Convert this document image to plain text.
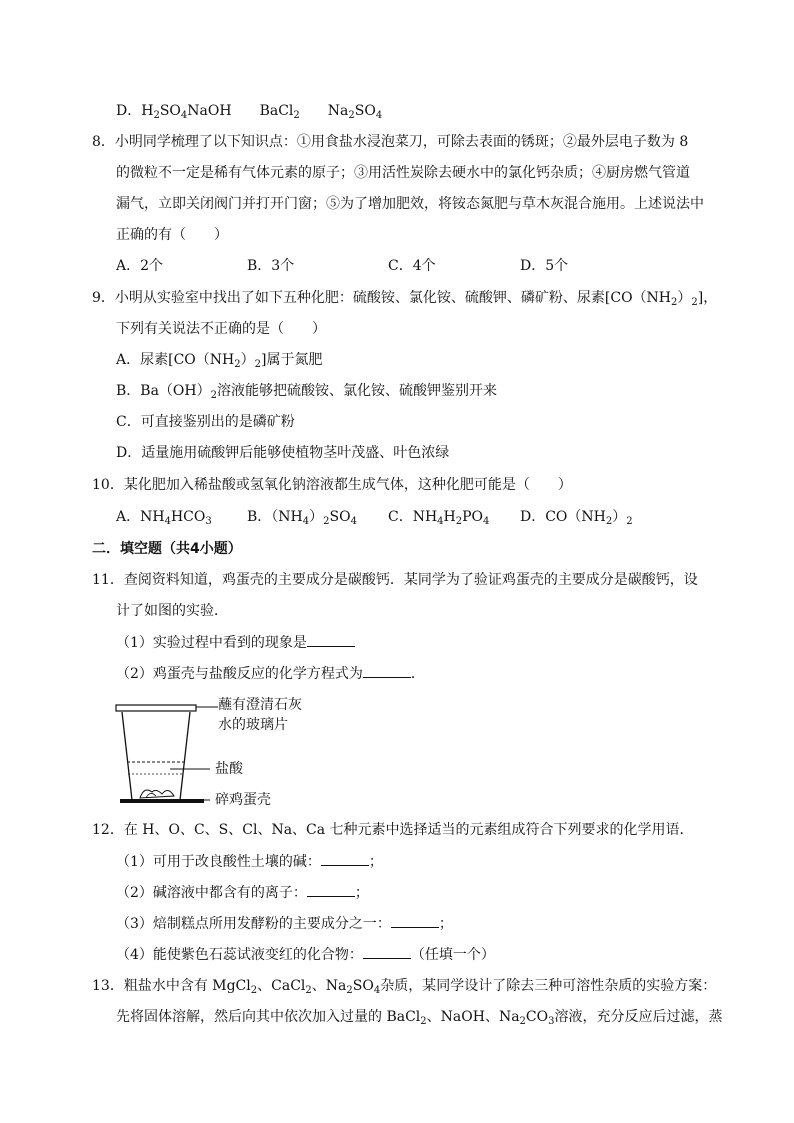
D．$H_2SO_4NaOH$ BaCl$_2$ $Na_2SO_4$
8．小明同学梳理了以下知识点：①用食盐水浸泡菜刀，可除去表面的锈斑；②最外层电子数为 8
的微粒不一定是稀有气体元素的原子；③用活性炭除去硬水中的氯化钙杂质；④厨房燃气管道
漏气，立即关闭阀门并打开门窗；⑤为了增加肥效，将铵态氮肥与草木灰混合施用。上述说法中
正确的有（　　）
A．2个	B．3个	C．4个	D．5个
9．小明从实验室中找出了如下五种化肥：硫酸铵、氯化铵、硫酸钾、磷矿粉、尿素$[CO(NH_2)_2]$，
下列有关说法不正确的是（　　）
A．尿素$[CO(NH_2)_2]$属于氮肥
B．$Ba(OH)_2$溶液能够把硫酸铵、氯化铵、硫酸钾鉴别开来
C．可直接鉴别出的是磷矿粉
D．适量施用硫酸钾后能够使植物茎叶茂盛、叶色浓绿
10．某化肥加入稀盐酸或氢氧化钠溶液都生成气体，这种化肥可能是（　　）
A．$NH_4HCO_3$	B．$(NH_4)_2SO_4$ C．$NH_4H_2PO_4$ D．$CO(NH_2)_2$
二．填空题（共4小题）
11．查阅资料知道，鸡蛋壳的主要成分是碳酸钙．某同学为了验证鸡蛋壳的主要成分是碳酸钙，设
计了如图的实验．
（1）实验过程中看到的现象是
（2）鸡蛋壳与盐酸反应的化学方程式为	．
蘸有澄清石灰
水的玻璃片
盐酸
碎鸡蛋壳
12．在 H、O、C、S、Cl、Na、Ca 七种元素中选择适当的元素组成符合下列要求的化学用语．
（1）可用于改良酸性土壤的碱：	；
（2）碱溶液中都含有的离子：	；
（3）焙制糕点所用发酵粉的主要成分之一：	；
（4）能使紫色石蕊试液变红的化合物：	（任填一个）
13．粗盐水中含有 MgCl$_2$、CaCl$_2$、$Na_2SO_4$杂质，某同学设计了除去三种可溶性杂质的实验方案：
先将固体溶解，然后向其中依次加入过量的 BaCl$_2$、NaOH、$Na_2CO_3$溶液，充分反应后过滤，蒸
